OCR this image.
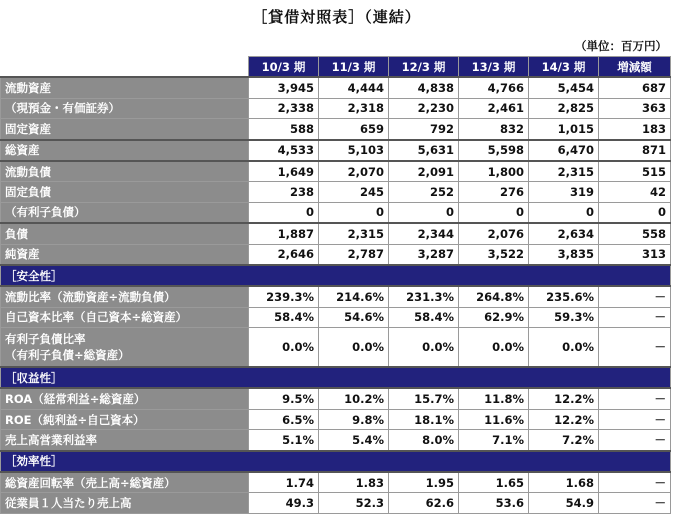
［貸借対照表］（連結）
（単位：百万円）
	10/3 期	11/3 期	12/3 期	13/3 期	14/3 期	増減額
流動資産	3,945	4,444	4,838	4,766	5,454	687
（現預金・有価証券）	2,338	2,318	2,230	2,461	2,825	363
固定資産	588	659	792	832	1,015	183
総資産	4,533	5,103	5,631	5,598	6,470	871
流動負債	1,649	2,070	2,091	1,800	2,315	515
固定負債	238	245	252	276	319	42
（有利子負債）	0	0	0	0	0	0
負債	1,887	2,315	2,344	2,076	2,634	558
純資産	2,646	2,787	3,287	3,522	3,835	313
［安全性］						
流動比率（流動資産÷流動負債）	239.3%	214.6%	231.3%	264.8%	235.6%	－
自己資本比率（自己資本÷総資産）	58.4%	54.6%	58.4%	62.9%	59.3%	－
有利子負債比率
（有利子負債÷総資産）	0.0%	0.0%	0.0%	0.0%	0.0%	－
［収益性］						
ROA（経常利益÷総資産）	9.5%	10.2%	15.7%	11.8%	12.2%	－
ROE（純利益÷自己資本）	6.5%	9.8%	18.1%	11.6%	12.2%	－
売上高営業利益率	5.1%	5.4%	8.0%	7.1%	7.2%	－
［効率性］						
総資産回転率（売上高÷総資産）	1.74	1.83	1.95	1.65	1.68	－
従業員１人当たり売上高	49.3	52.3	62.6	53.6	54.9	－
